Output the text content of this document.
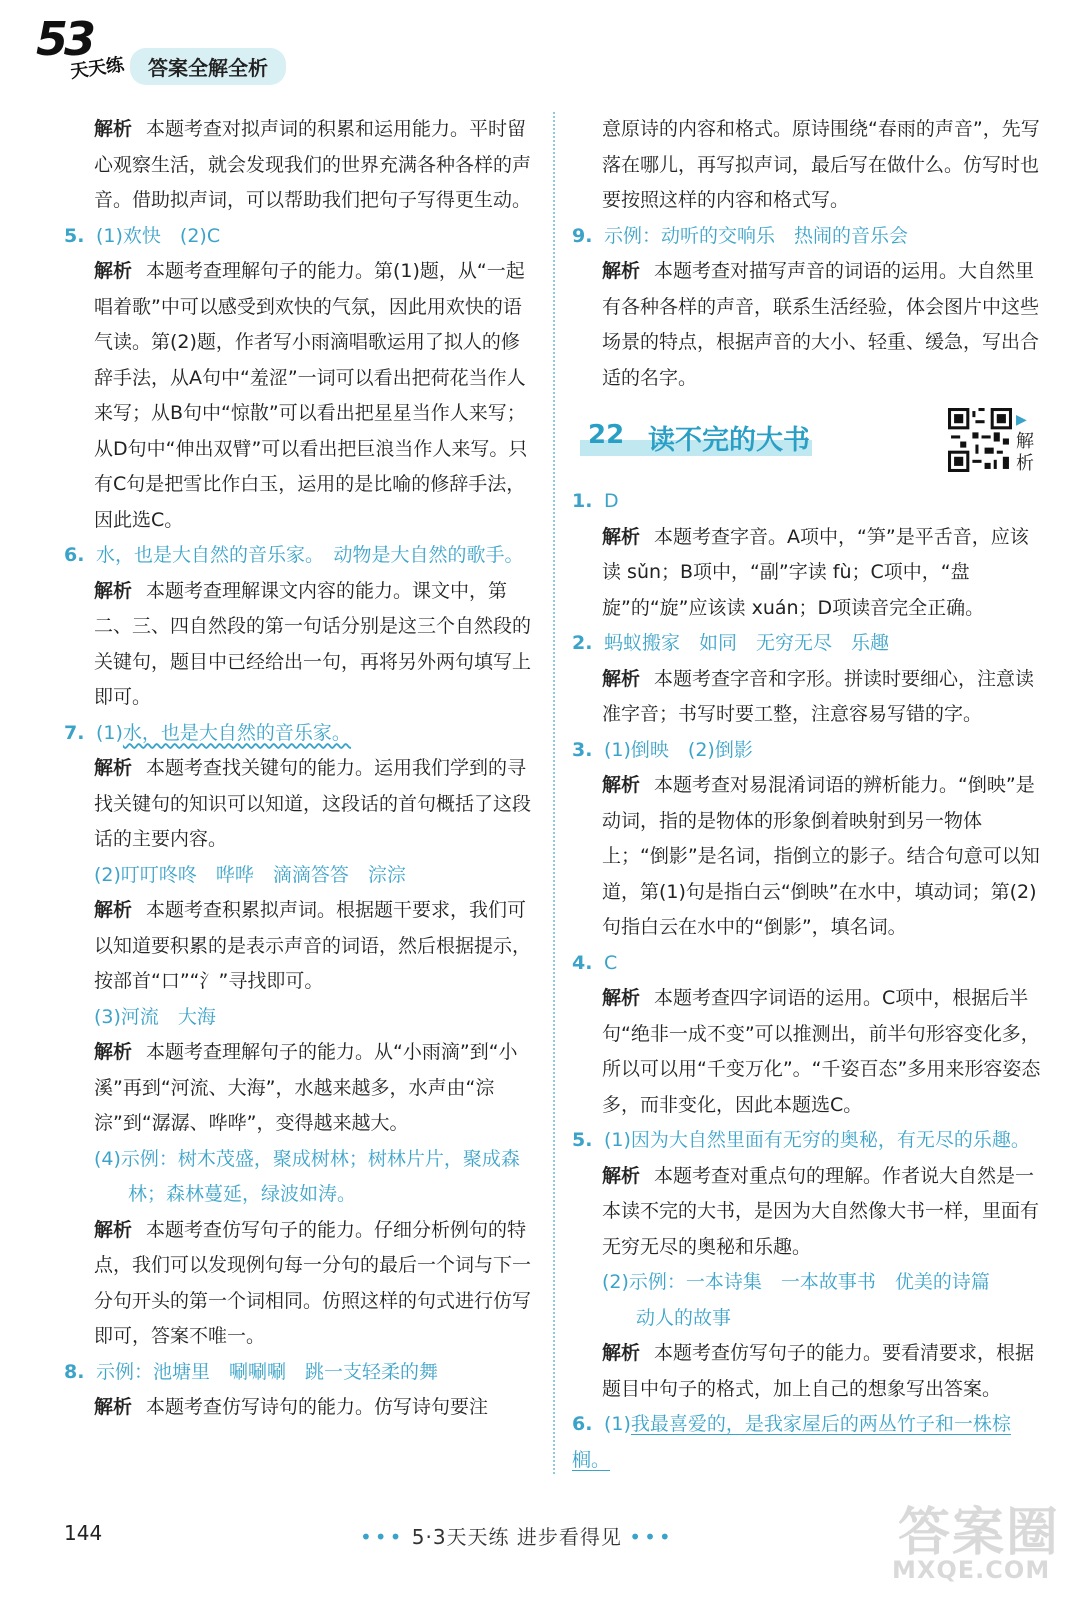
53
天天练	答案全解全析
解析 本题考查对拟声词的积累和运用能力。平时留心观察生活，就会发现我们的世界充满各种各样的声音。借助拟声词，可以帮助我们把句子写得更生动。
5. (1)欢快　(2)C
解析 本题考查理解句子的能力。第(1)题，从“一起唱着歌”中可以感受到欢快的气氛，因此用欢快的语气读。第(2)题，作者写小雨滴唱歌运用了拟人的修辞手法，从A句中“羞涩”一词可以看出把荷花当作人来写；从B句中“惊散”可以看出把星星当作人来写；从D句中“伸出双臂”可以看出把巨浪当作人来写。只有C句是把雪比作白玉，运用的是比喻的修辞手法，因此选C。
6. 水，也是大自然的音乐家。　动物是大自然的歌手。
解析 本题考查理解课文内容的能力。课文中，第二、三、四自然段的第一句话分别是这三个自然段的关键句，题目中已经给出一句，再将另外两句填写上即可。
7. (1)水，也是大自然的音乐家。
解析 本题考查找关键句的能力。运用我们学到的寻找关键句的知识可以知道，这段话的首句概括了这段话的主要内容。
(2)叮叮咚咚　哗哗　滴滴答答　淙淙
解析 本题考查积累拟声词。根据题干要求，我们可以知道要积累的是表示声音的词语，然后根据提示，按部首“口”“氵”寻找即可。
(3)河流　大海
解析 本题考查理解句子的能力。从“小雨滴”到“小溪”再到“河流、大海”，水越来越多，水声由“淙淙”到“潺潺、哗哗”，变得越来越大。
(4)示例：树木茂盛，聚成树林；树林片片，聚成森
林；森林蔓延，绿波如涛。
解析 本题考查仿写句子的能力。仔细分析例句的特点，我们可以发现例句每一分句的最后一个词与下一分句开头的第一个词相同。仿照这样的句式进行仿写即可，答案不唯一。
8. 示例：池塘里　唰唰唰　跳一支轻柔的舞
解析 本题考查仿写诗句的能力。仿写诗句要注
意原诗的内容和格式。原诗围绕“春雨的声音”，先写落在哪儿，再写拟声词，最后写在做什么。仿写时也要按照这样的内容和格式写。
9. 示例：动听的交响乐　热闹的音乐会
解析 本题考查对描写声音的词语的运用。大自然里有各种各样的声音，联系生活经验，体会图片中这些场景的特点，根据声音的大小、轻重、缓急，写出合适的名字。
22 读不完的大书
▶
解析
1. D
解析 本题考查字音。A项中，“笋”是平舌音，应该读 sǔn；B项中，“副”字读 fù；C项中，“盘旋”的“旋”应该读 xuán；D项读音完全正确。
2. 蚂蚁搬家　如同　无穷无尽　乐趣
解析 本题考查字音和字形。拼读时要细心，注意读准字音；书写时要工整，注意容易写错的字。
3. (1)倒映　(2)倒影
解析 本题考查对易混淆词语的辨析能力。“倒映”是动词，指的是物体的形象倒着映射到另一物体上；“倒影”是名词，指倒立的影子。结合句意可以知道，第(1)句是指白云“倒映”在水中，填动词；第(2)句指白云在水中的“倒影”，填名词。
4. C
解析 本题考查四字词语的运用。C项中，根据后半句“绝非一成不变”可以推测出，前半句形容变化多，所以可以用“千变万化”。“千姿百态”多用来形容姿态多，而非变化，因此本题选C。
5. (1)因为大自然里面有无穷的奥秘，有无尽的乐趣。
解析 本题考查对重点句的理解。作者说大自然是一本读不完的大书，是因为大自然像大书一样，里面有无穷无尽的奥秘和乐趣。
(2)示例：一本诗集　一本故事书　优美的诗篇
动人的故事
解析 本题考查仿写句子的能力。要看清要求，根据题目中句子的格式，加上自己的想象写出答案。
6. (1)我最喜爱的，是我家屋后的两丛竹子和一株棕榈。
144	••• 5·3天天练 进步看得见 •••	答案圈
MXQE.COM
